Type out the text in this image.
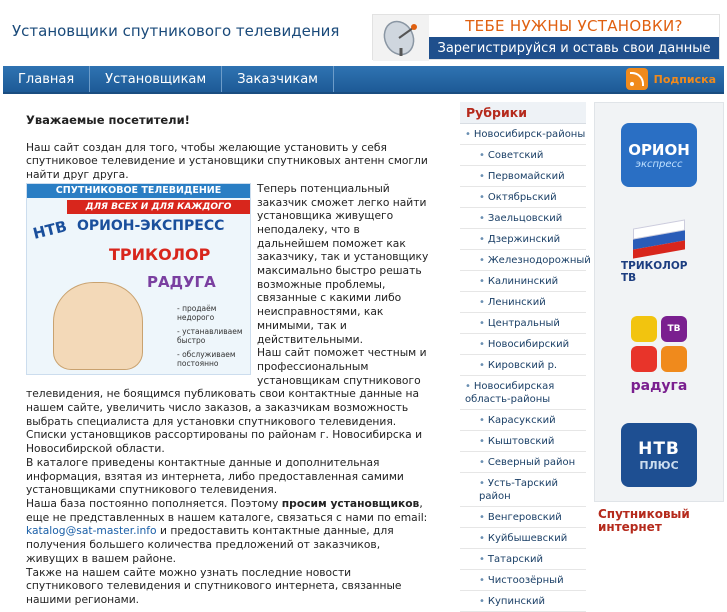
Установщики спутникового телевидения	ТЕБЕ НУЖНЫ УСТАНОВКИ?
Зарегистрируйся и оставь свои данные
Главная	Установщикам	Заказчикам	Подписка
Уважаемые посетители!

Наш сайт создан для того, чтобы желающие установить у себя спутниковое телевидение и установщики спутниковых антенн смогли найти друг друга.

СПУТНИКОВОЕ ТЕЛЕВИДЕНИЕ
ДЛЯ ВСЕХ И ДЛЯ КАЖДОГО
НТВ ОРИОН-ЭКСПРЕСС
ТРИКОЛОР
РАДУГА
- продаём недорого
- устанавливаем быстро
- обслуживаем постоянно

Теперь потенциальный заказчик сможет легко найти установщика живущего неподалеку, что в дальнейшем поможет как заказчику, так и установщику максимально быстро решать возможные проблемы, связанные с какими либо неисправностями, как мнимыми, так и действительными.

Наш сайт поможет честным и профессиональным установщикам спутникового телевидения, не боящимся публиковать свои контактные данные на нашем сайте, увеличить число заказов, а заказчикам возможность выбрать специалиста для установки спутникового телевидения.

Списки установщиков рассортированы по районам г. Новосибирска и Новосибирской области.

В каталоге приведены контактные данные и дополнительная информация, взятая из интернета, либо предоставленная самими установщиками спутникового телевидения.

Наша база постоянно пополняется. Поэтому просим установщиков, еще не представленных в нашем каталоге, связаться с нами по email: katalog@sat-master.info и предоставить контактные данные, для получения большего количества предложений от заказчиков, живущих в вашем районе.

Также на нашем сайте можно узнать последние новости спутникового телевидения и спутникового интернета, связанные нашими регионами.

Рубрики
• Новосибирск-районы
• Советский
• Первомайский
• Октябрьский
• Заельцовский
• Дзержинский
• Железнодорожный
• Калининский
• Ленинский
• Центральный
• Новосибирский
• Кировский р.
• Новосибирская область-районы
• Карасукский
• Кыштовский
• Северный район
• Усть-Тарский район
• Венгеровский
• Куйбышевский
• Татарский
• Чистоозёрный
• Купинский
ОРИОН
экспресс
ТРИКОЛОР ТВ
ТВ
радуга
НТВ
ПЛЮС
Спутниковый интернет
